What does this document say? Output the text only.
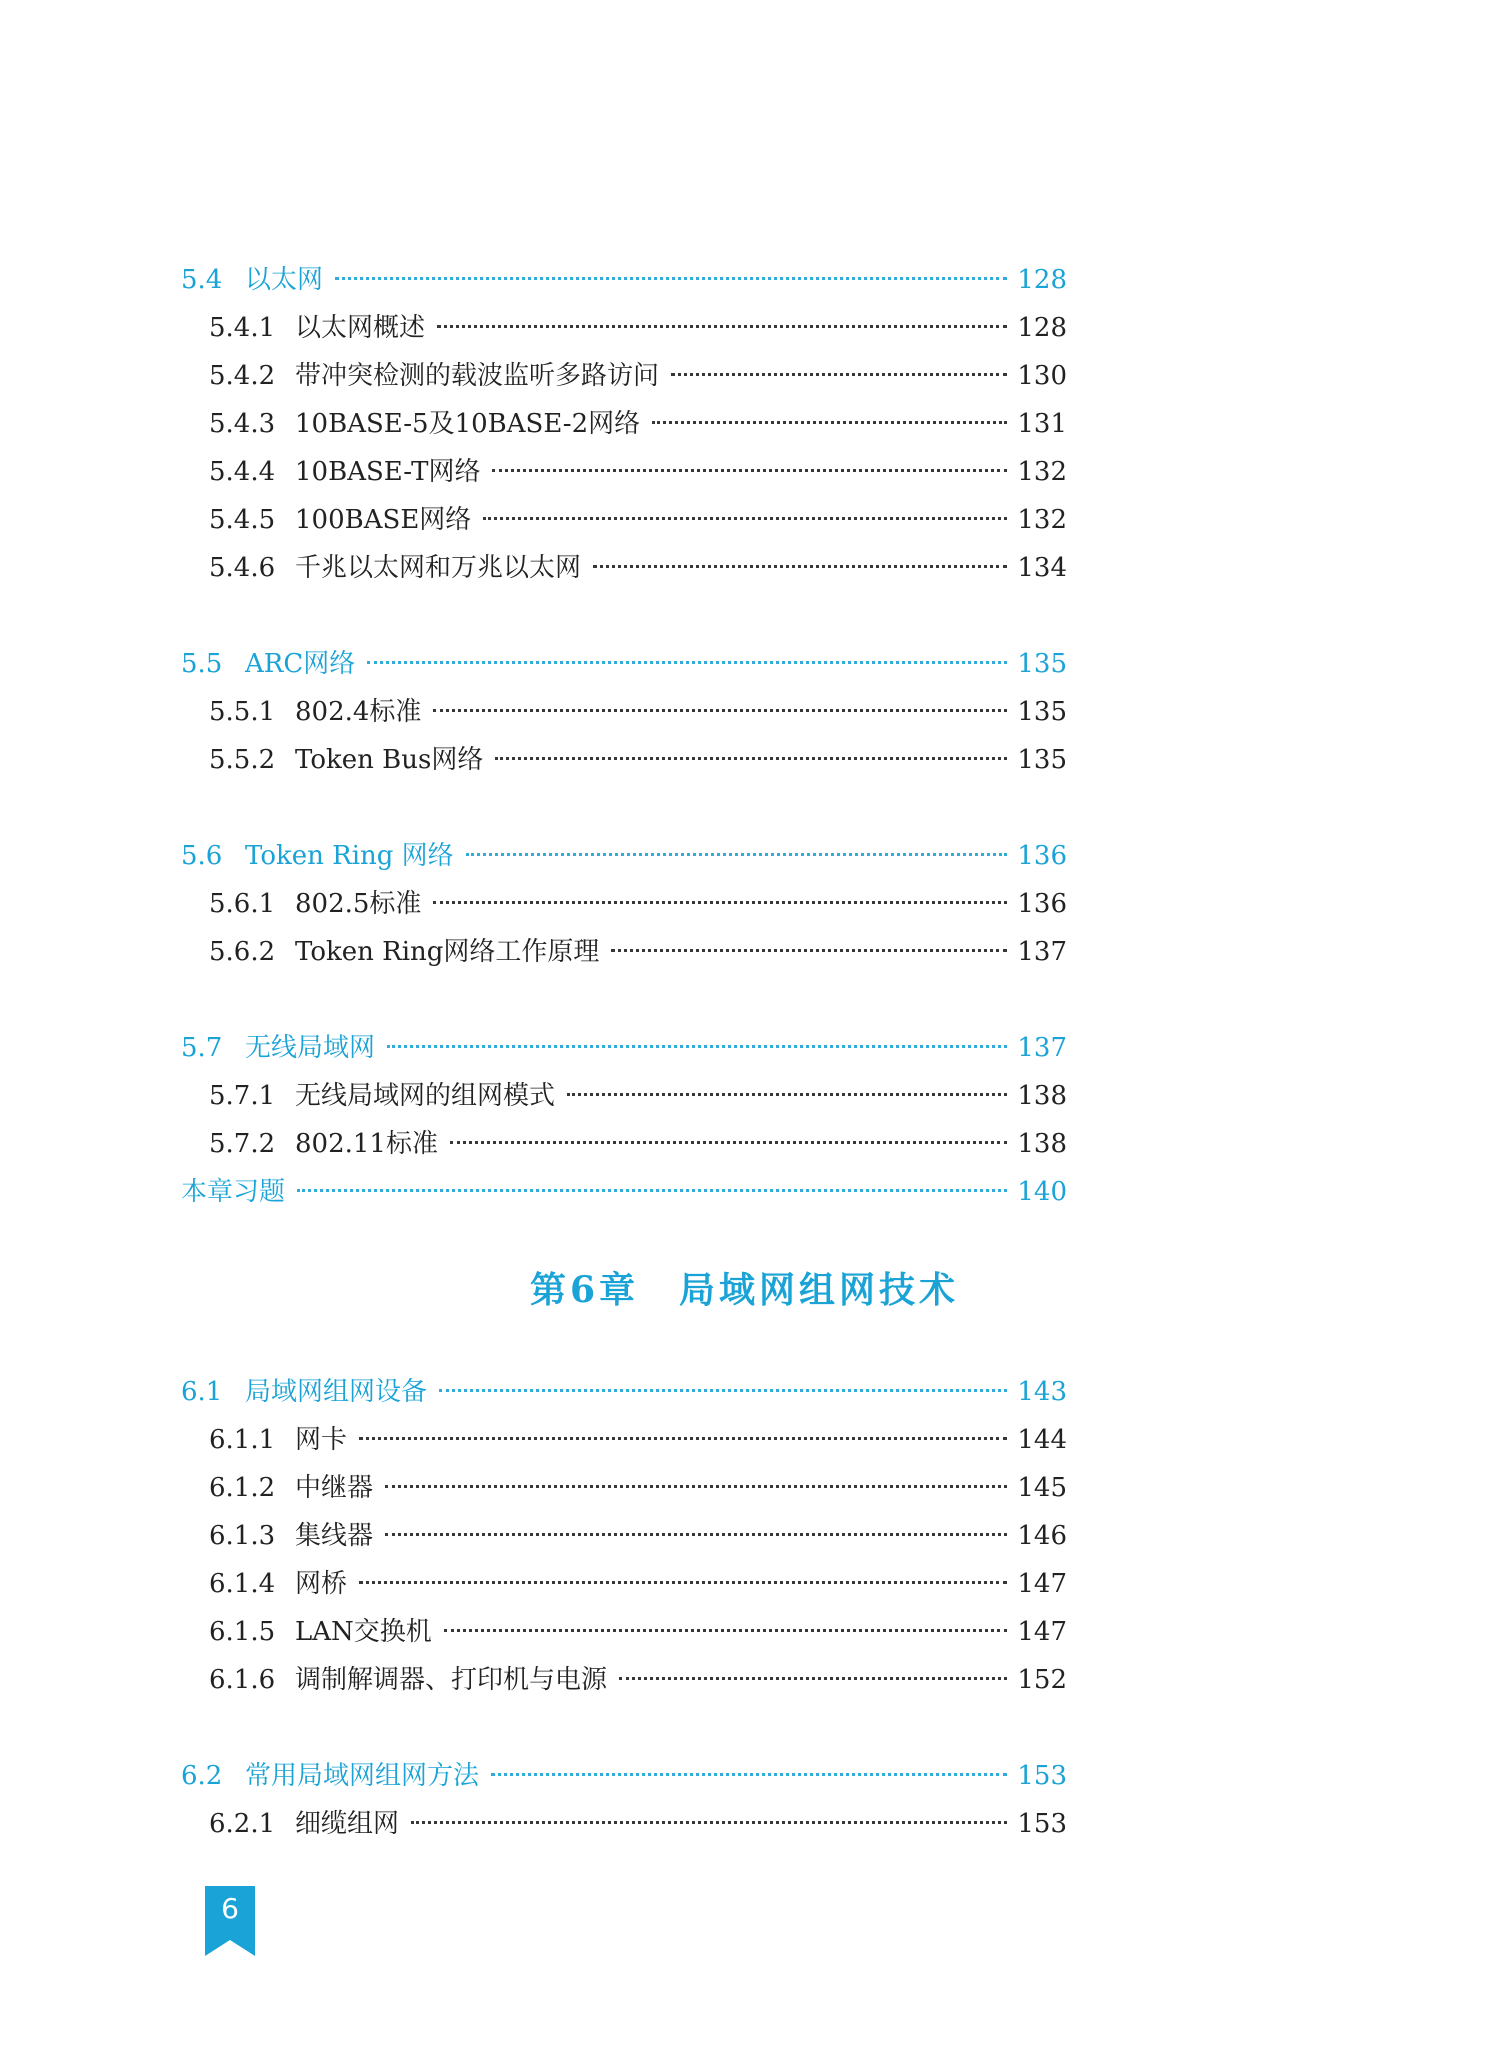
5.4 以太网	128
5.4.1 以太网概述	128
5.4.2 带冲突检测的载波监听多路访问	130
5.4.3 10BASE-5及10BASE-2网络	131
5.4.4 10BASE-T网络	132
5.4.5 100BASE网络	132
5.4.6 千兆以太网和万兆以太网	134
5.5 ARC网络	135
5.5.1 802.4标准	135
5.5.2 Token Bus网络	135
5.6 Token Ring 网络	136
5.6.1 802.5标准	136
5.6.2 Token Ring网络工作原理	137
5.7 无线局域网	137
5.7.1 无线局域网的组网模式	138
5.7.2 802.11标准	138
本章习题	140
第6章 局域网组网技术
6.1 局域网组网设备	143
6.1.1 网卡	144
6.1.2 中继器	145
6.1.3 集线器	146
6.1.4 网桥	147
6.1.5 LAN交换机	147
6.1.6 调制解调器、打印机与电源	152
6.2 常用局域网组网方法	153
6.2.1 细缆组网	153
6
